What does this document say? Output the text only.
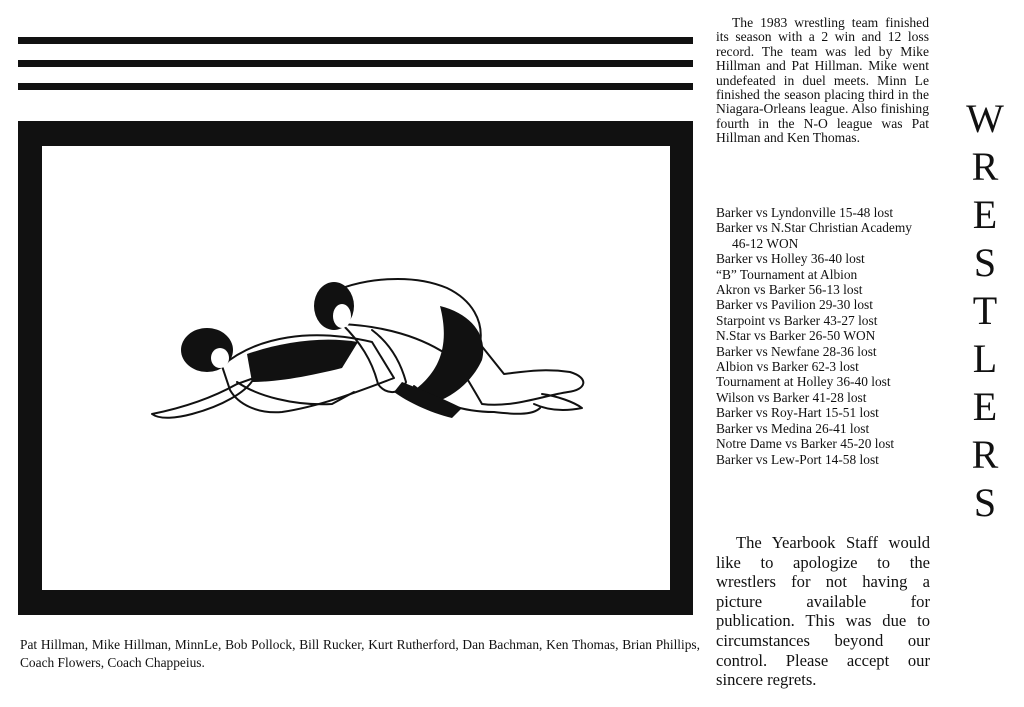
Pat Hillman, Mike Hillman, MinnLe, Bob Pollock, Bill Rucker, Kurt Rutherford, Dan Bachman, Ken Thomas, Brian Phillips, Coach Flowers, Coach Chappeius.

The 1983 wrestling team finished its season with a 2 win and 12 loss record. The team was led by Mike Hillman and Pat Hillman. Mike went undefeated in duel meets. Minn Le finished the season placing third in the Niagara-Orleans league. Also finishing fourth in the N-O league was Pat Hillman and Ken Thomas.

Barker vs Lyndonville 15-48 lost
Barker vs N.Star Christian Academy 46-12 WON
Barker vs Holley 36-40 lost
“B” Tournament at Albion
Akron vs Barker 56-13 lost
Barker vs Pavilion 29-30 lost
Starpoint vs Barker 43-27 lost
N.Star vs Barker 26-50 WON
Barker vs Newfane 28-36 lost
Albion vs Barker 62-3 lost
Tournament at Holley 36-40 lost
Wilson vs Barker 41-28 lost
Barker vs Roy-Hart 15-51 lost
Barker vs Medina 26-41 lost
Notre Dame vs Barker 45-20 lost
Barker vs Lew-Port 14-58 lost

The Yearbook Staff would like to apologize to the wrestlers for not having a picture available for publication. This was due to circumstances beyond our control. Please accept our sincere regrets.

W
R
E
S
T
L
E
R
S
